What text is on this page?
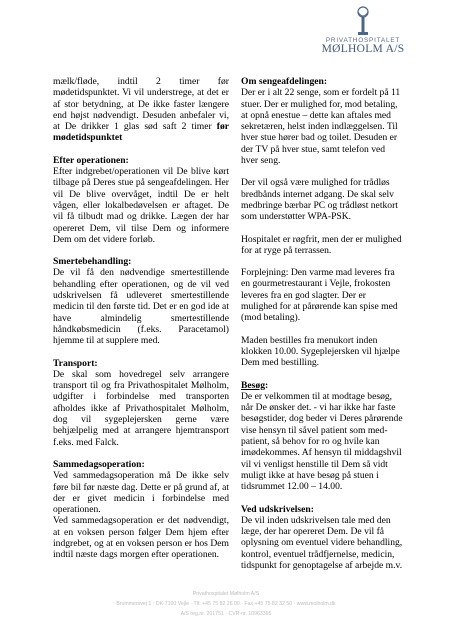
PRIVATHOSPITALET
MØLHOLM A/S

mælk/fløde, indtil 2 timer før mødetidspunktet. Vi vil understrege, at det er af stor betydning, at De ikke faster længere end højst nødvendigt. Desuden anbefaler vi, at De drikker 1 glas sød saft 2 timer før mødetidspunktet

Efter operationen:

Efter indgrebet/operationen vil De blive kørt tilbage på Deres stue på sengeafdelingen. Her vil De blive overvåget, indtil De er helt vågen, eller lokalbedøvelsen er aftaget. De vil få tilbudt mad og drikke. Lægen der har opereret Dem, vil tilse Dem og informere Dem om det videre forløb.

Smertebehandling:

De vil få den nødvendige smertestillende behandling efter operationen, og de vil ved udskrivelsen få udleveret smertestillende medicin til den første tid. Det er en god ide at have almindelig smertestillende håndkøbsmedicin (f.eks. Paracetamol) hjemme til at supplere med.

Transport:

De skal som hovedregel selv arrangere transport til og fra Privathospitalet Mølholm, udgifter i forbindelse med transporten afholdes ikke af Privathospitalet Mølholm, dog vil sygeplejersken gerne være behjælpelig med at arrangere hjemtransport f.eks. med Falck.

Sammedagsoperation:

Ved sammedagsoperation må De ikke selv føre bil før næste dag. Dette er på grund af, at der er givet medicin i forbindelse med operationen.

Ved sammedagsoperation er det nødvendigt, at en voksen person følger Dem hjem efter indgrebet, og at en voksen person er hos Dem indtil næste dags morgen efter operationen.

Om sengeafdelingen:

Der er i alt 22 senge, som er fordelt på 11 stuer. Der er mulighed for, mod betaling, at opnå enestue – dette kan aftales med sekretæren, helst inden indlæggelsen. Til hver stue hører bad og toilet. Desuden er der TV på hver stue, samt telefon ved hver seng.

Der vil også være mulighed for trådløs bredbånds internet adgang. De skal selv medbringe bærbar PC og trådløst netkort som understøtter WPA-PSK.

Hospitalet er røgfrit, men der er mulighed for at ryge på terrassen.

Forplejning: Den varme mad leveres fra en gourmetrestaurant i Vejle, frokosten leveres fra en god slagter. Der er mulighed for at pårørende kan spise med (mod betaling).

Maden bestilles fra menukort inden klokken 10.00. Sygeplejersken vil hjælpe Dem med bestilling.

Besøg:

De er velkommen til at modtage besøg, når De ønsker det. - vi har ikke har faste besøgstider, dog beder vi Deres pårørende vise hensyn til såvel patient som med-patient, så behov for ro og hvile kan imødekommes. Af hensyn til middagshvil vil vi venligst henstille til Dem så vidt muligt ikke at have besøg på stuen i tidsrummet 12.00 – 14.00.

Ved udskrivelsen:

De vil inden udskrivelsen tale med den læge, der har opereret Dem. De vil få oplysning om eventuel videre behandling, kontrol, eventuel trådfjernelse, medicin, tidspunkt for genoptagelse af arbejde m.v.

Privathospitalet Mølholm A/S
Brummersvej 1 · DK-7100 Vejle · Tlf. +45 75 82 26 00 · Fax +45 75 82 32 50 · www.molholm.dk
A/S reg.nr. 201751 · CVR-nr. 10963395
